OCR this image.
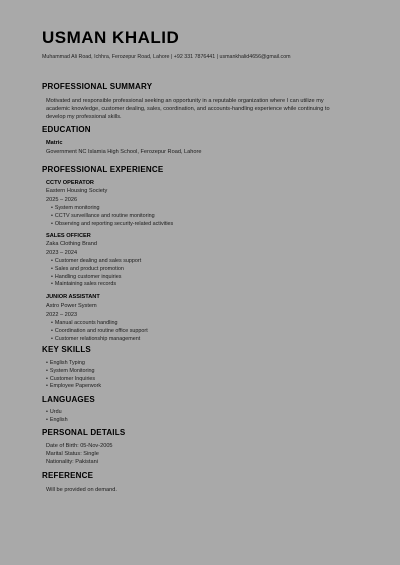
USMAN KHALID
Muhammad Ali Road, Ichhra, Ferozepur Road, Lahore | +92 331 7876441 | usmankhalid4656@gmail.com
PROFESSIONAL SUMMARY
Motivated and responsible professional seeking an opportunity in a reputable organization where I can utilize my
academic knowledge, customer dealing, sales, coordination, and accounts-handling experience while continuing to
develop my professional skills.
EDUCATION
Matric
Government NC Islamia High School, Ferozepur Road, Lahore
PROFESSIONAL EXPERIENCE
CCTV OPERATOR
Eastern Housing Society
2025 – 2026
• System monitoring
• CCTV surveillance and routine monitoring
• Observing and reporting security-related activities
SALES OFFICER
Zaka Clothing Brand
2023 – 2024
• Customer dealing and sales support
• Sales and product promotion
• Handling customer inquiries
• Maintaining sales records
JUNIOR ASSISTANT
Astro Power System
2022 – 2023
• Manual accounts handling
• Coordination and routine office support
• Customer relationship management
KEY SKILLS
• English Typing
• System Monitoring
• Customer Inquiries
• Employee Paperwork
LANGUAGES
• Urdu
• English
PERSONAL DETAILS
Date of Birth: 05-Nov-2005
Marital Status: Single
Nationality: Pakistani
REFERENCE
Will be provided on demand.
